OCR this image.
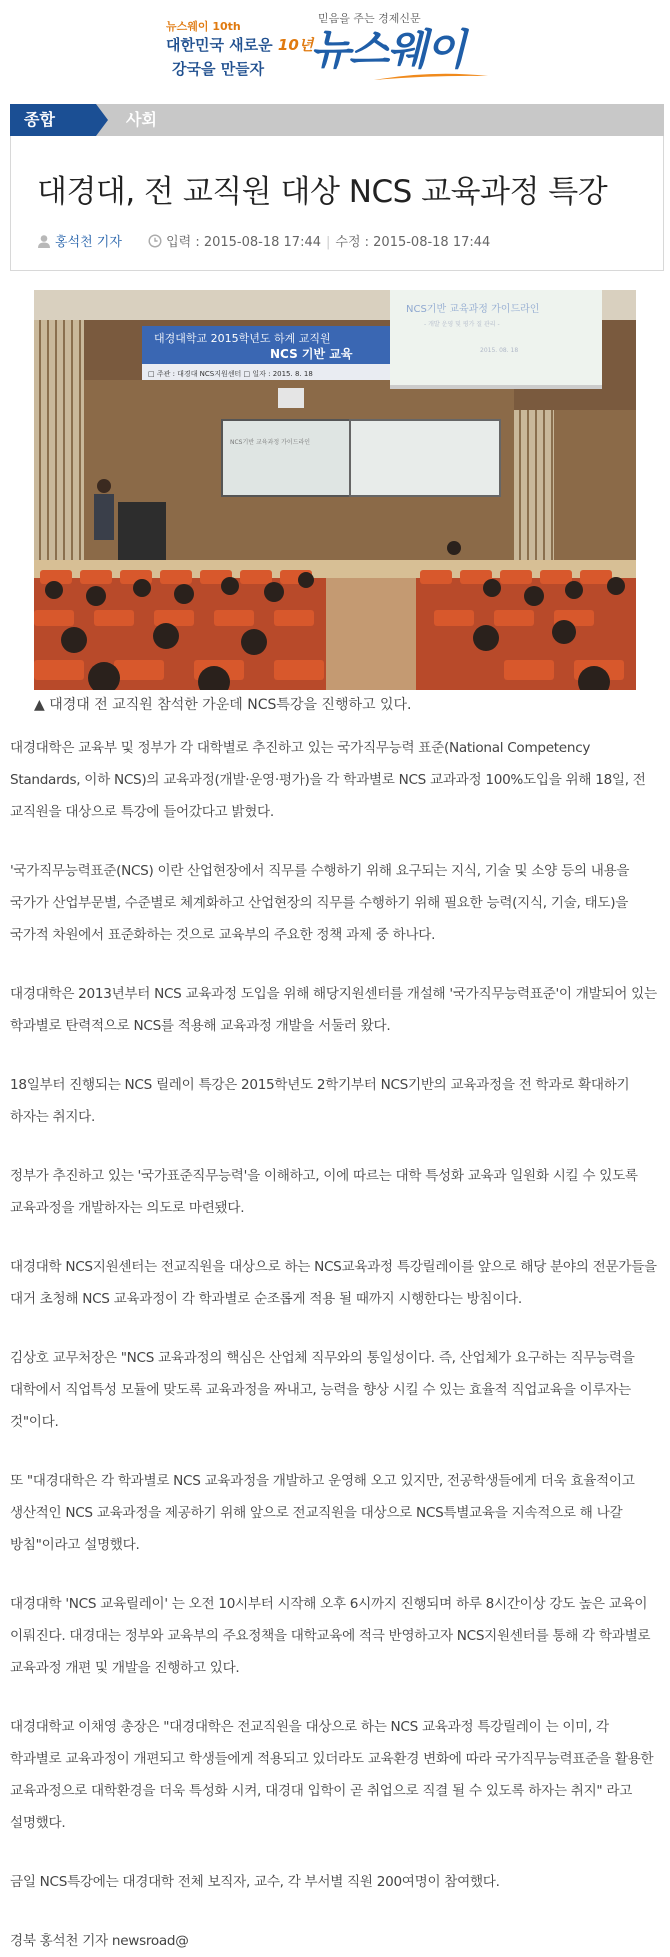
뉴스웨이 10th
대한민국 새로운 10년
강국을 만들자
믿음을 주는 경제신문
뉴스웨이
종합	사회
대경대, 전 교직원 대상 NCS 교육과정 특강
홍석천 기자	입력 : 2015-08-18 17:44 | 수정 : 2015-08-18 17:44
대경대학교 2015학년도 하계 교직원
NCS 기반 교육
□ 주관 : 대경대 NCS지원센터 □ 일자 : 2015. 8. 18
NCS기반 교육과정 가이드라인
- 개발 운영 및 평가 질 관리 -
2015. 08. 18
NCS기반 교육과정 가이드라인
▲ 대경대 전 교직원 참석한 가운데 NCS특강을 진행하고 있다.

대경대학은 교육부 및 정부가 각 대학별로 추진하고 있는 국가직무능력 표준(National Competency Standards, 이하 NCS)의 교육과정(개발·운영·평가)을 각 학과별로 NCS 교과과정 100%도입을 위해 18일, 전 교직원을 대상으로 특강에 들어갔다고 밝혔다.

'국가직무능력표준(NCS) 이란 산업현장에서 직무를 수행하기 위해 요구되는 지식, 기술 및 소양 등의 내용을 국가가 산업부문별, 수준별로 체계화하고 산업현장의 직무를 수행하기 위해 필요한 능력(지식, 기술, 태도)을 국가적 차원에서 표준화하는 것으로 교육부의 주요한 정책 과제 중 하나다.

대경대학은 2013년부터 NCS 교육과정 도입을 위해 해당지원센터를 개설해 '국가직무능력표준'이 개발되어 있는 학과별로 탄력적으로 NCS를 적용해 교육과정 개발을 서둘러 왔다.

18일부터 진행되는 NCS 릴레이 특강은 2015학년도 2학기부터 NCS기반의 교육과정을 전 학과로 확대하기 하자는 취지다.

정부가 추진하고 있는 '국가표준직무능력'을 이해하고, 이에 따르는 대학 특성화 교육과 일원화 시킬 수 있도록 교육과정을 개발하자는 의도로 마련됐다.

대경대학 NCS지원센터는 전교직원을 대상으로 하는 NCS교육과정 특강릴레이를 앞으로 해당 분야의 전문가들을 대거 초청해 NCS 교육과정이 각 학과별로 순조롭게 적용 될 때까지 시행한다는 방침이다.

김상호 교무처장은 "NCS 교육과정의 핵심은 산업체 직무와의 통일성이다. 즉, 산업체가 요구하는 직무능력을 대학에서 직업특성 모듈에 맞도록 교육과정을 짜내고, 능력을 향상 시킬 수 있는 효율적 직업교육을 이루자는 것"이다.

또 "대경대학은 각 학과별로 NCS 교육과정을 개발하고 운영해 오고 있지만, 전공학생들에게 더욱 효율적이고 생산적인 NCS 교육과정을 제공하기 위해 앞으로 전교직원을 대상으로 NCS특별교육을 지속적으로 해 나갈 방침"이라고 설명했다.

대경대학 'NCS 교육릴레이' 는 오전 10시부터 시작해 오후 6시까지 진행되며 하루 8시간이상 강도 높은 교육이 이뤄진다. 대경대는 정부와 교육부의 주요정책을 대학교육에 적극 반영하고자 NCS지원센터를 통해 각 학과별로 교육과정 개편 및 개발을 진행하고 있다.

대경대학교 이채영 총장은 "대경대학은 전교직원을 대상으로 하는 NCS 교육과정 특강릴레이 는 이미, 각 학과별로 교육과정이 개편되고 학생들에게 적용되고 있더라도 교육환경 변화에 따라 국가직무능력표준을 활용한 교육과정으로 대학환경을 더욱 특성화 시켜, 대경대 입학이 곧 취업으로 직결 될 수 있도록 하자는 취지" 라고 설명했다.

금일 NCS특강에는 대경대학 전체 보직자, 교수, 각 부서별 직원 200여명이 참여했다.

경북 홍석천 기자 newsroad@
